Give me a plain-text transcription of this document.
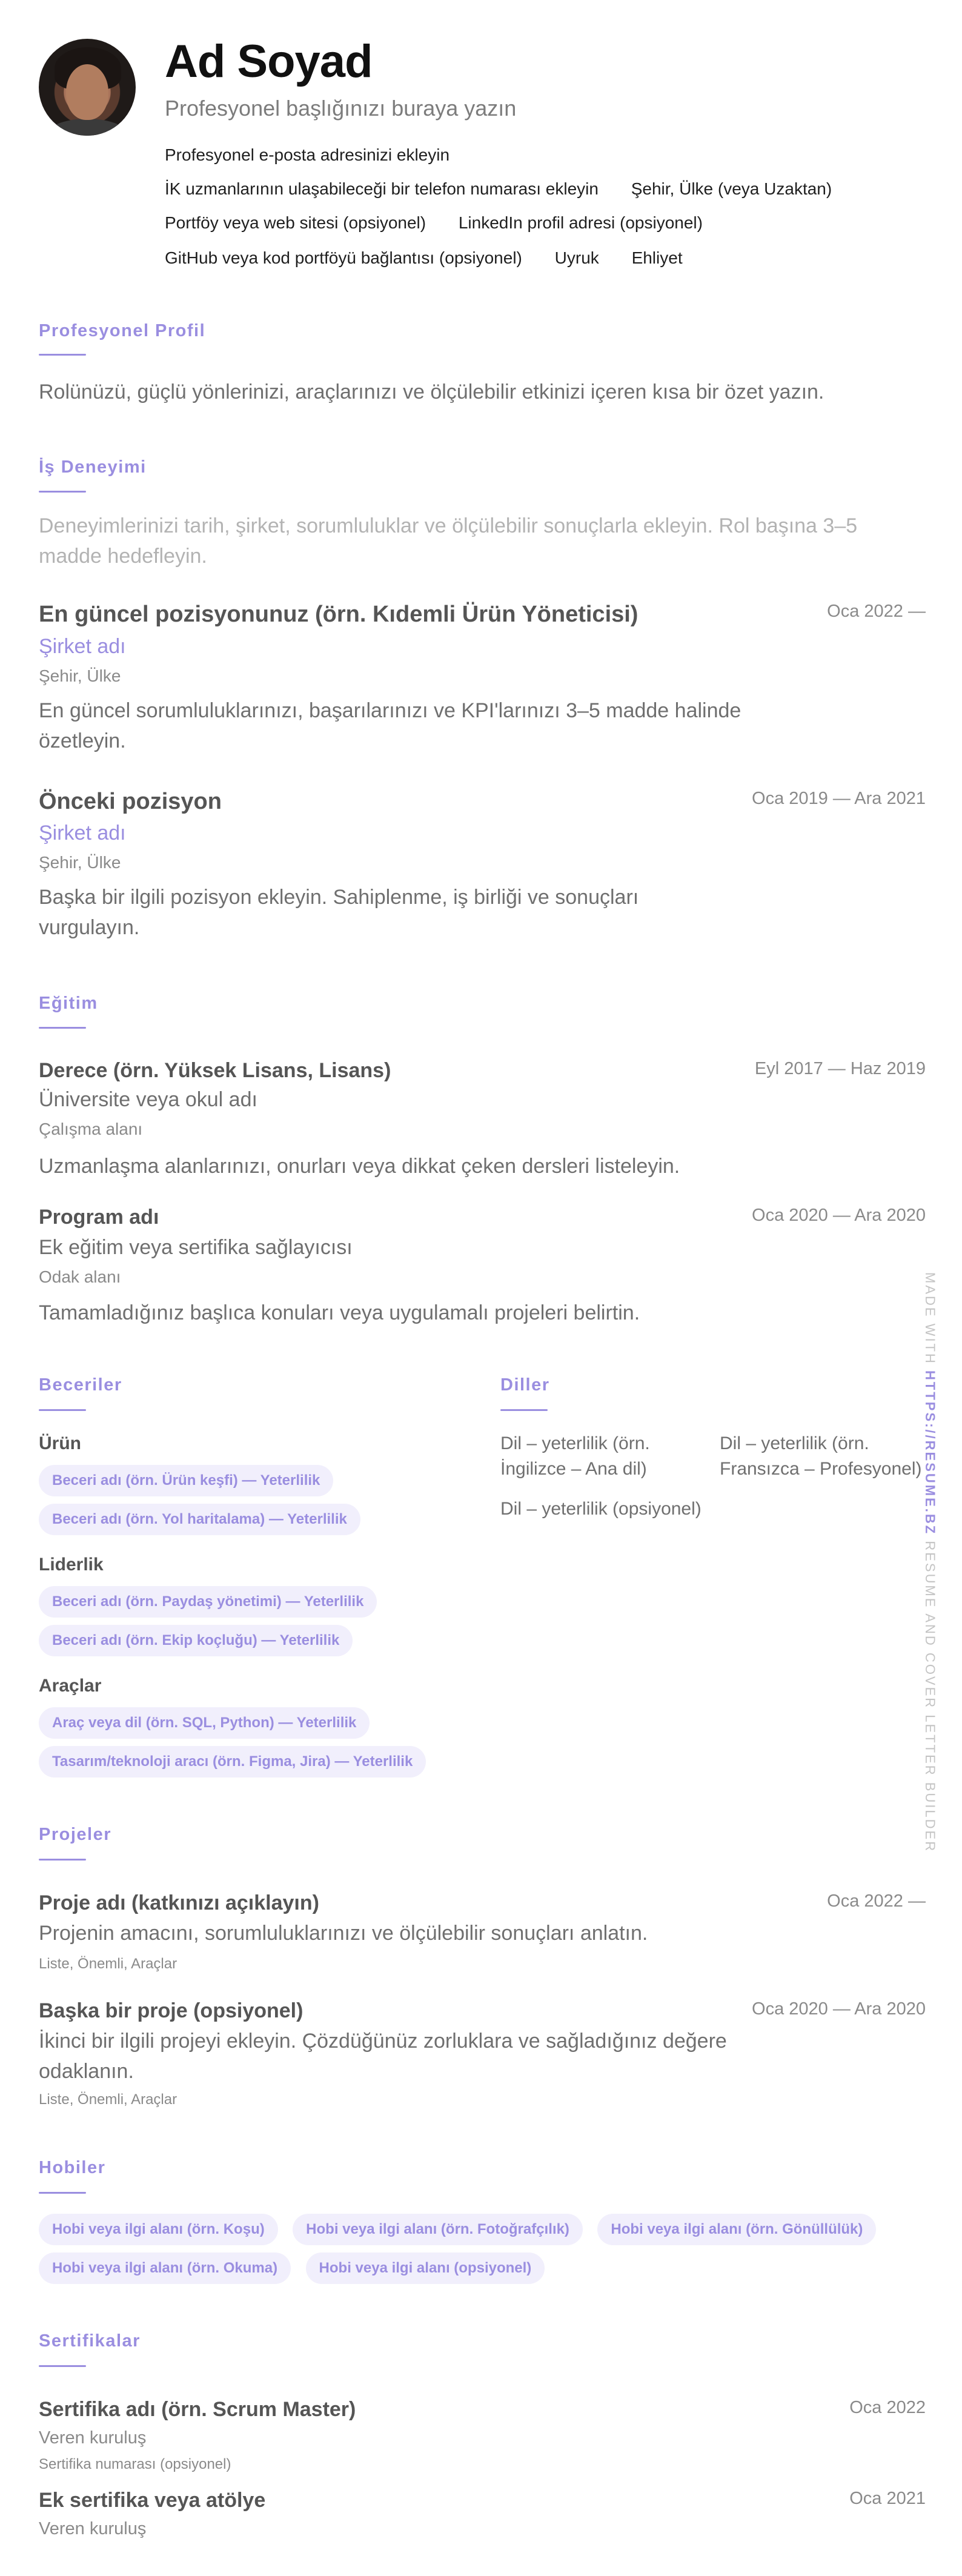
Ad Soyad
Profesyonel başlığınızı buraya yazın
Profesyonel e-posta adresinizi ekleyin
İK uzmanlarının ulaşabileceği bir telefon numarası ekleyin Şehir, Ülke (veya Uzaktan)
Portföy veya web sitesi (opsiyonel) LinkedIn profil adresi (opsiyonel)
GitHub veya kod portföyü bağlantısı (opsiyonel) Uyruk Ehliyet
Profesyonel Profil
Rolünüzü, güçlü yönlerinizi, araçlarınızı ve ölçülebilir etkinizi içeren kısa bir özet yazın.
İş Deneyimi
Deneyimlerinizi tarih, şirket, sorumluluklar ve ölçülebilir sonuçlarla ekleyin. Rol başına 3–5 madde hedefleyin.
En güncel pozisyonunuz (örn. Kıdemli Ürün Yöneticisi)	Oca 2022 —
Şirket adı
Şehir, Ülke
En güncel sorumluluklarınızı, başarılarınızı ve KPI'larınızı 3–5 madde halinde özetleyin.
Önceki pozisyon	Oca 2019 — Ara 2021
Şirket adı
Şehir, Ülke
Başka bir ilgili pozisyon ekleyin. Sahiplenme, iş birliği ve sonuçları vurgulayın.
Eğitim
Derece (örn. Yüksek Lisans, Lisans)	Eyl 2017 — Haz 2019
Üniversite veya okul adı
Çalışma alanı
Uzmanlaşma alanlarınızı, onurları veya dikkat çeken dersleri listeleyin.
Program adı	Oca 2020 — Ara 2020
Ek eğitim veya sertifika sağlayıcısı
Odak alanı
Tamamladığınız başlıca konuları veya uygulamalı projeleri belirtin.
Beceriler
Ürün
Beceri adı (örn. Ürün keşfi) — Yeterlilik
Beceri adı (örn. Yol haritalama) — Yeterlilik
Liderlik
Beceri adı (örn. Paydaş yönetimi) — Yeterlilik
Beceri adı (örn. Ekip koçluğu) — Yeterlilik
Araçlar
Araç veya dil (örn. SQL, Python) — Yeterlilik
Tasarım/teknoloji aracı (örn. Figma, Jira) — Yeterlilik
Diller
Dil – yeterlilik (örn. İngilizce – Ana dil)
Dil – yeterlilik (örn. Fransızca – Profesyonel)
Dil – yeterlilik (opsiyonel)
Projeler
Proje adı (katkınızı açıklayın)	Oca 2022 —
Projenin amacını, sorumluluklarınızı ve ölçülebilir sonuçları anlatın.
Liste, Önemli, Araçlar
Başka bir proje (opsiyonel)	Oca 2020 — Ara 2020
İkinci bir ilgili projeyi ekleyin. Çözdüğünüz zorluklara ve sağladığınız değere odaklanın.
Liste, Önemli, Araçlar
Hobiler
Hobi veya ilgi alanı (örn. Koşu)	Hobi veya ilgi alanı (örn. Fotoğrafçılık)	Hobi veya ilgi alanı (örn. Gönüllülük)
Hobi veya ilgi alanı (örn. Okuma)	Hobi veya ilgi alanı (opsiyonel)
Sertifikalar
Sertifika adı (örn. Scrum Master)	Oca 2022
Veren kuruluş
Sertifika numarası (opsiyonel)
Ek sertifika veya atölye	Oca 2021
Veren kuruluş
MADE WITH HTTPS://RESUME.BZ RESUME AND COVER LETTER BUILDER
